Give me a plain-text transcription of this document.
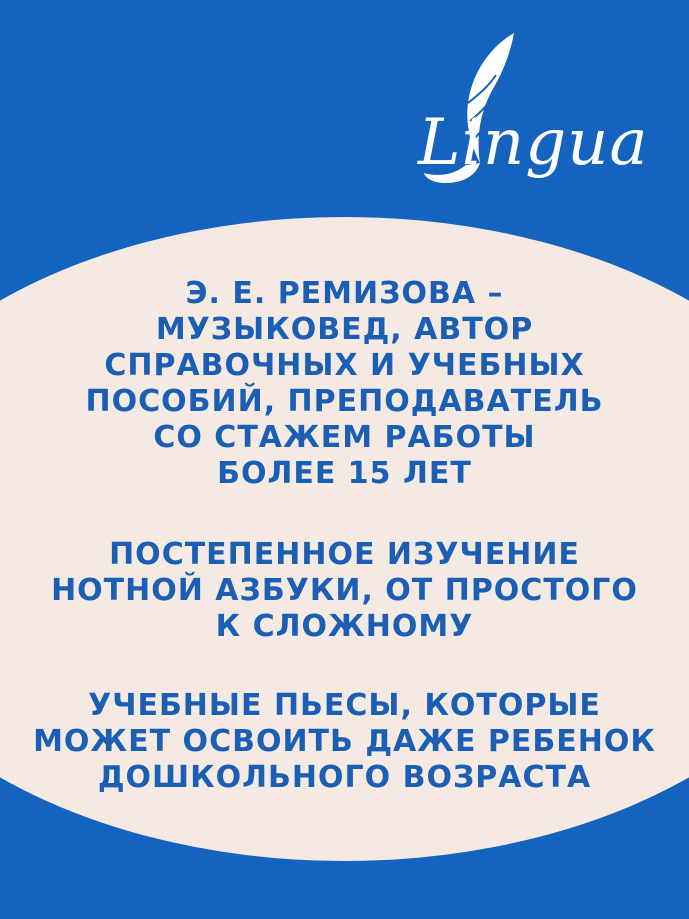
Lingua
Э. Е. РЕМИЗОВА –
МУЗЫКОВЕД, АВТОР
СПРАВОЧНЫХ И УЧЕБНЫХ
ПОСОБИЙ, ПРЕПОДАВАТЕЛЬ
СО СТАЖЕМ РАБОТЫ
БОЛЕЕ 15 ЛЕТ
ПОСТЕПЕННОЕ ИЗУЧЕНИЕ
НОТНОЙ АЗБУКИ, ОТ ПРОСТОГО
К СЛОЖНОМУ
УЧЕБНЫЕ ПЬЕСЫ, КОТОРЫЕ
МОЖЕТ ОСВОИТЬ ДАЖЕ РЕБЕНОК
ДОШКОЛЬНОГО ВОЗРАСТА
